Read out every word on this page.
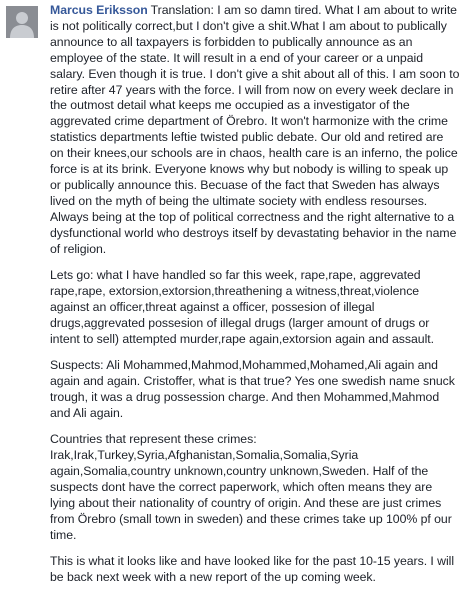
Marcus Eriksson Translation: I am so damn tired. What I am about to write is not politically correct,but I don't give a shit.What I am about to publically announce to all taxpayers is forbidden to publically announce as an employee of the state. It will result in a end of your career or a unpaid salary. Even though it is true. I don't give a shit about all of this. I am soon to retire after 47 years with the force. I will from now on every week declare in the outmost detail what keeps me occupied as a investigator of the aggrevated crime department of Örebro. It won't harmonize with the crime statistics departments leftie twisted public debate. Our old and retired are on their knees,our schools are in chaos, health care is an inferno, the police force is at its brink. Everyone knows why but nobody is willing to speak up or publically announce this. Becuase of the fact that Sweden has always lived on the myth of being the ultimate society with endless resourses. Always being at the top of political correctness and the right alternative to a dysfunctional world who destroys itself by devastating behavior in the name of religion.

Lets go: what I have handled so far this week, rape,rape, aggrevated rape,rape, extorsion,extorsion,threathening a witness,threat,violence against an officer,threat against a officer, possesion of illegal drugs,aggrevated possesion of illegal drugs (larger amount of drugs or intent to sell) attempted murder,rape again,extorsion again and assault.

Suspects: Ali Mohammed,Mahmod,Mohammed,Mohamed,Ali again and again and again. Cristoffer, what is that true? Yes one swedish name snuck trough, it was a drug possession charge. And then Mohammed,Mahmod and Ali again.

Countries that represent these crimes: Irak,Irak,Turkey,Syria,Afghanistan,Somalia,Somalia,Syria again,Somalia,country unknown,country unknown,Sweden. Half of the suspects dont have the correct paperwork, which often means they are lying about their nationality of country of origin. And these are just crimes from Örebro (small town in sweden) and these crimes take up 100% pf our time.

This is what it looks like and have looked like for the past 10-15 years. I will be back next week with a new report of the up coming week.
